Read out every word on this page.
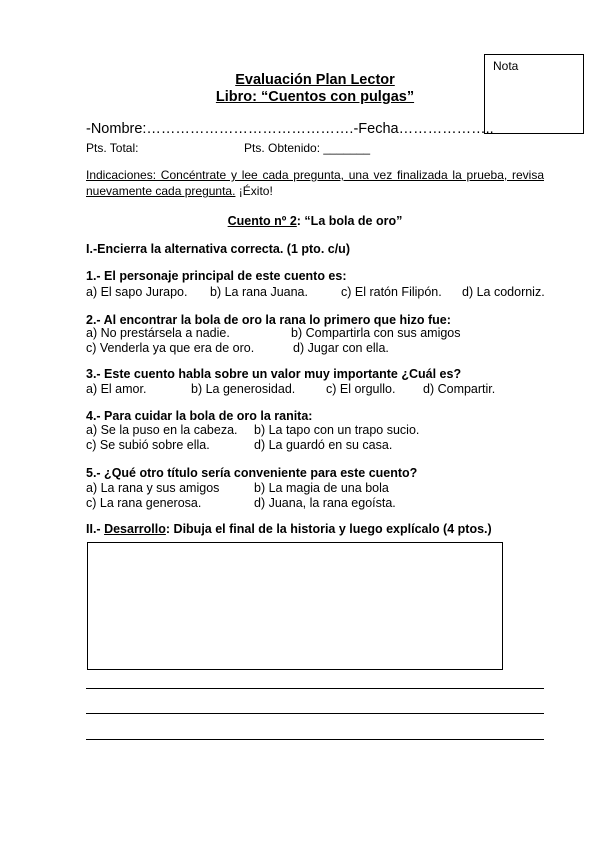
Nota
Evaluación Plan Lector
Libro: “Cuentos con pulgas”
-Nombre:…………………………………….-Fecha………………..
Pts. Total:	Pts. Obtenido: _______
Indicaciones: Concéntrate y lee cada pregunta, una vez finalizada la prueba, revisa
nuevamente cada pregunta. ¡Éxito!
Cuento nº 2: “La bola de oro”
I.-Encierra la alternativa correcta. (1 pto. c/u)
1.- El personaje principal de este cuento es:
a) El sapo Jurapo. b) La rana Juana.	c) El ratón Filipón. d) La codorniz.
2.- Al encontrar la bola de oro la rana lo primero que hizo fue:
a) No prestársela a nadie.	b) Compartirla con sus amigos
c) Venderla ya que era de oro.	d) Jugar con ella.
3.- Este cuento habla sobre un valor muy importante ¿Cuál es?
a) El amor.	b) La generosidad. c) El orgullo. d) Compartir.
4.- Para cuidar la bola de oro la ranita:
a) Se la puso en la cabeza. b) La tapo con un trapo sucio.
c) Se subió sobre ella.	d) La guardó en su casa.
5.- ¿Qué otro título sería conveniente para este cuento?
a) La rana y sus amigos	b) La magia de una bola
c) La rana generosa.	d) Juana, la rana egoísta.
II.- Desarrollo: Dibuja el final de la historia y luego explícalo (4 ptos.)
